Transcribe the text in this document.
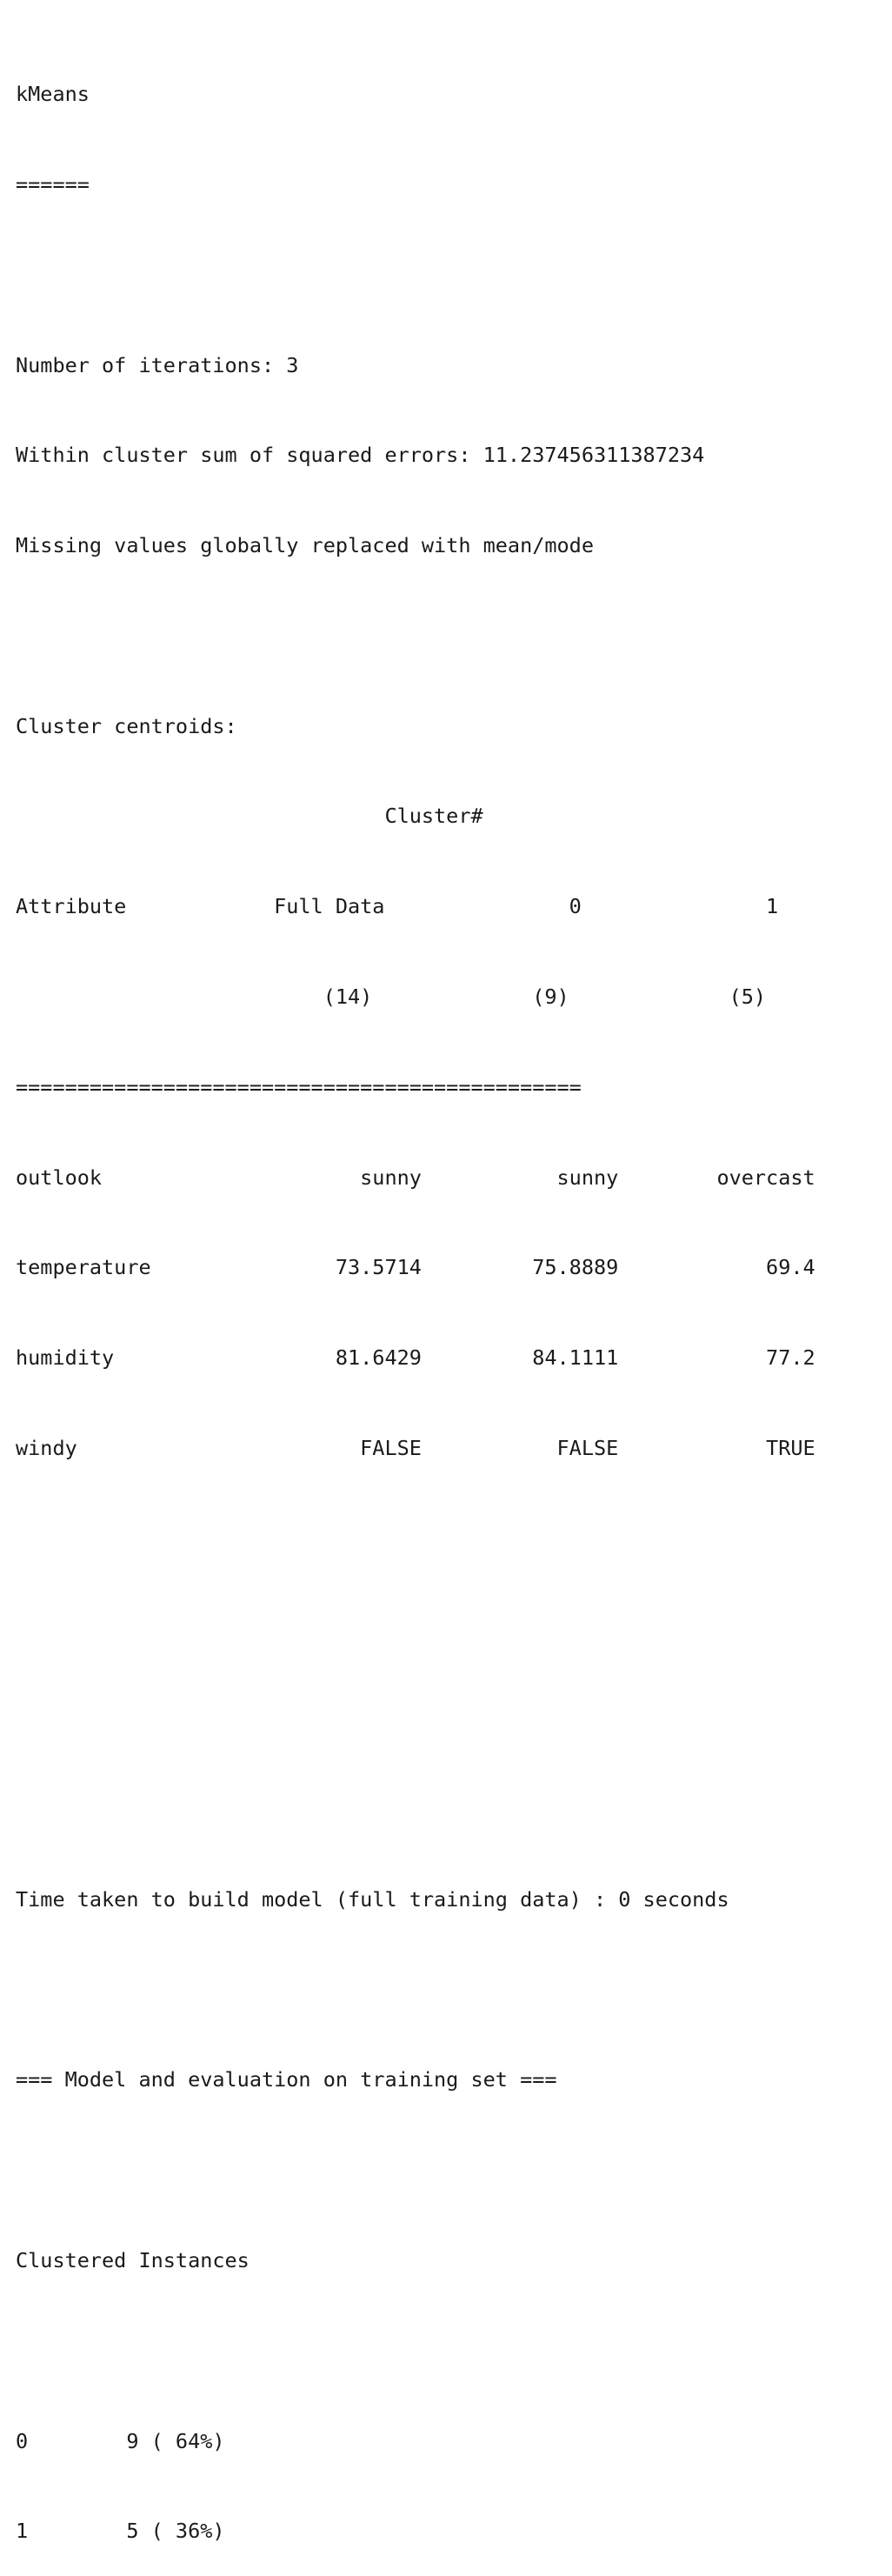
kMeans

======

Number of iterations: 3

Within cluster sum of squared errors: 11.237456311387234

Missing values globally replaced with mean/mode

Cluster centroids:

Cluster#

Attribute            Full Data               0               1

(14)             (9)             (5)

==============================================

outlook                     sunny           sunny        overcast

temperature               73.5714         75.8889            69.4

humidity                  81.6429         84.1111            77.2

windy                       FALSE           FALSE            TRUE

Time taken to build model (full training data) : 0 seconds

=== Model and evaluation on training set ===

Clustered Instances

0        9 ( 64%)

1        5 ( 36%)
